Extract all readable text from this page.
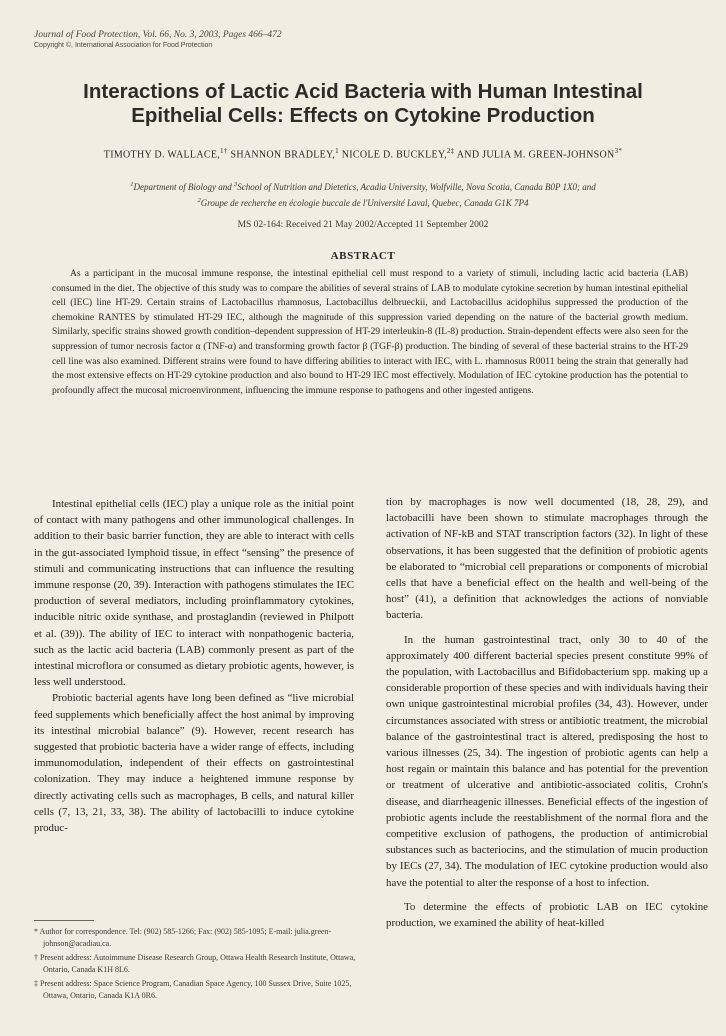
Journal of Food Protection, Vol. 66, No. 3, 2003, Pages 466–472
Copyright ©, International Association for Food Protection
Interactions of Lactic Acid Bacteria with Human Intestinal
Epithelial Cells: Effects on Cytokine Production
TIMOTHY D. WALLACE,$^{1\dagger}$ SHANNON BRADLEY,$^1$ NICOLE D. BUCKLEY,$^{2\ddagger}$ AND JULIA M. GREEN-$JOHNSON^{3*}$
$^1$Department of Biology and $^3$School of Nutrition and Dietetics, Acadia University, Wolfville, Nova Scotia, Canada B0P 1X0; and
$^2$Groupe de recherche en écologie buccale de l'Université Laval, Quebec, Canada G1K 7P4
MS 02-164: Received 21 May 2002/Accepted 11 September 2002
ABSTRACT
As a participant in the mucosal immune response, the intestinal epithelial cell must respond to a variety of stimuli, including lactic acid bacteria (LAB) consumed in the diet. The objective of this study was to compare the abilities of several strains of LAB to modulate cytokine secretion by human intestinal epithelial cell (IEC) line HT-29. Certain strains of Lactobacillus rhamnosus, Lactobacillus delbrueckii, and Lactobacillus acidophilus suppressed the production of the chemokine RANTES by stimulated HT-29 IEC, although the magnitude of this suppression varied depending on the nature of the bacterial growth medium. Similarly, specific strains showed growth condition–dependent suppression of HT-29 interleukin-8 (IL-8) production. Strain-dependent effects were also seen for the suppression of tumor necrosis factor α (TNF-α) and transforming growth factor β (TGF-β) production. The binding of several of these bacterial strains to the HT-29 cell line was also examined. Different strains were found to have differing abilities to interact with IEC, with L. rhamnosus R0011 being the strain that generally had the most extensive effects on HT-29 cytokine production and also bound to HT-29 IEC most effectively. Modulation of IEC cytokine production has the potential to profoundly affect the mucosal microenvironment, influencing the immune response to pathogens and other ingested antigens.

Intestinal epithelial cells (IEC) play a unique role as the initial point of contact with many pathogens and other immunological challenges. In addition to their basic barrier function, they are able to interact with cells in the gut-associated lymphoid tissue, in effect “sensing” the presence of stimuli and communicating instructions that can influence the resulting immune response (20, 39). Interaction with pathogens stimulates the IEC production of several mediators, including proinflammatory cytokines, inducible nitric oxide synthase, and prostaglandin (reviewed in Philpott et al. (39)). The ability of IEC to interact with nonpathogenic bacteria, such as the lactic acid bacteria (LAB) commonly present as part of the intestinal microflora or consumed as dietary probiotic agents, however, is less well understood.

Probiotic bacterial agents have long been defined as “live microbial feed supplements which beneficially affect the host animal by improving its intestinal microbial balance” (9). However, recent research has suggested that probiotic bacteria have a wider range of effects, including immunomodulation, independent of their effects on gastrointestinal colonization. They may induce a heightened immune response by directly activating cells such as macrophages, B cells, and natural killer cells (7, 13, 21, 33, 38). The ability of lactobacilli to induce cytokine produc-

tion by macrophages is now well documented (18, 28, 29), and lactobacilli have been shown to stimulate macrophages through the activation of NF-kB and STAT transcription factors (32). In light of these observations, it has been suggested that the definition of probiotic agents be elaborated to “microbial cell preparations or components of microbial cells that have a beneficial effect on the health and well-being of the host” (41), a definition that acknowledges the actions of nonviable bacteria.

In the human gastrointestinal tract, only 30 to 40 of the approximately 400 different bacterial species present constitute 99% of the population, with Lactobacillus and Bifidobacterium spp. making up a considerable proportion of these species and with individuals having their own unique gastrointestinal microbial profiles (34, 43). However, under circumstances associated with stress or antibiotic treatment, the microbial balance of the gastrointestinal tract is altered, predisposing the host to various illnesses (25, 34). The ingestion of probiotic agents can help a host regain or maintain this balance and has potential for the prevention or treatment of ulcerative and antibiotic-associated colitis, Crohn's disease, and diarrheagenic illnesses. Beneficial effects of the ingestion of probiotic agents include the reestablishment of the normal flora and the competitive exclusion of pathogens, the production of antimicrobial substances such as bacteriocins, and the stimulation of mucin production by IECs (27, 34). The modulation of IEC cytokine production would also have the potential to alter the response of a host to infection.

To determine the effects of probiotic LAB on IEC cytokine production, we examined the ability of heat-killed

* Author for correspondence. Tel: (902) 585-1266; Fax: (902) 585-1095; E-mail: julia.green-johnson@acadiau.ca.

† Present address: Autoimmune Disease Research Group, Ottawa Health Research Institute, Ottawa, Ontario, Canada K1H 8L6.

‡ Present address: Space Science Program, Canadian Space Agency, 100 Sussex Drive, Suite 1025, Ottawa, Ontario, Canada K1A 0R6.
